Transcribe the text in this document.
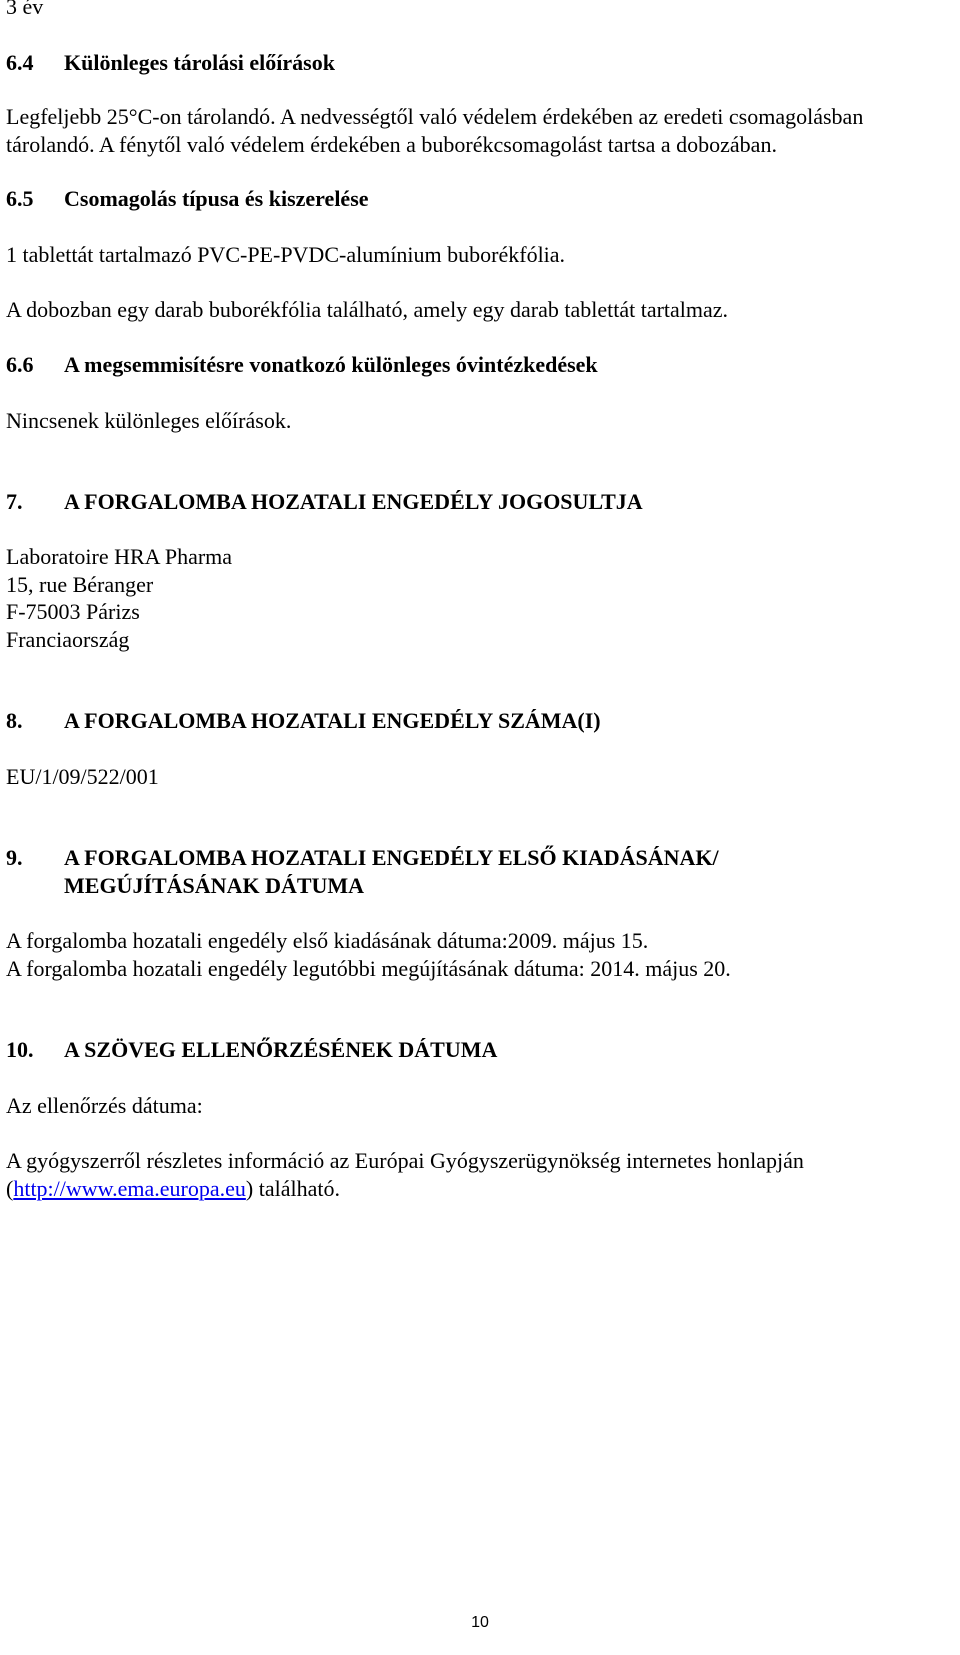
3 év

6.4 Különleges tárolási előírások

Legfeljebb 25°C-on tárolandó. A nedvességtől való védelem érdekében az eredeti csomagolásban

tárolandó. A fénytől való védelem érdekében a buborékcsomagolást tartsa a dobozában.

6.5 Csomagolás típusa és kiszerelése

1 tablettát tartalmazó PVC-PE-PVDC-alumínium buborékfólia.

A dobozban egy darab buborékfólia található, amely egy darab tablettát tartalmaz.

6.6 A megsemmisítésre vonatkozó különleges óvintézkedések

Nincsenek különleges előírások.

7. A FORGALOMBA HOZATALI ENGEDÉLY JOGOSULTJA

Laboratoire HRA Pharma

15, rue Béranger

F-75003 Párizs

Franciaország

8. A FORGALOMBA HOZATALI ENGEDÉLY SZÁMA(I)

EU/1/09/522/001

9. A FORGALOMBA HOZATALI ENGEDÉLY ELSŐ KIADÁSÁNAK/

MEGÚJÍTÁSÁNAK DÁTUMA

A forgalomba hozatali engedély első kiadásának dátuma:2009. május 15.

A forgalomba hozatali engedély legutóbbi megújításának dátuma: 2014. május 20.

10. A SZÖVEG ELLENŐRZÉSÉNEK DÁTUMA

Az ellenőrzés dátuma:

A gyógyszerről részletes információ az Európai Gyógyszerügynökség internetes honlapján

(http://www.ema.europa.eu) található.

10
